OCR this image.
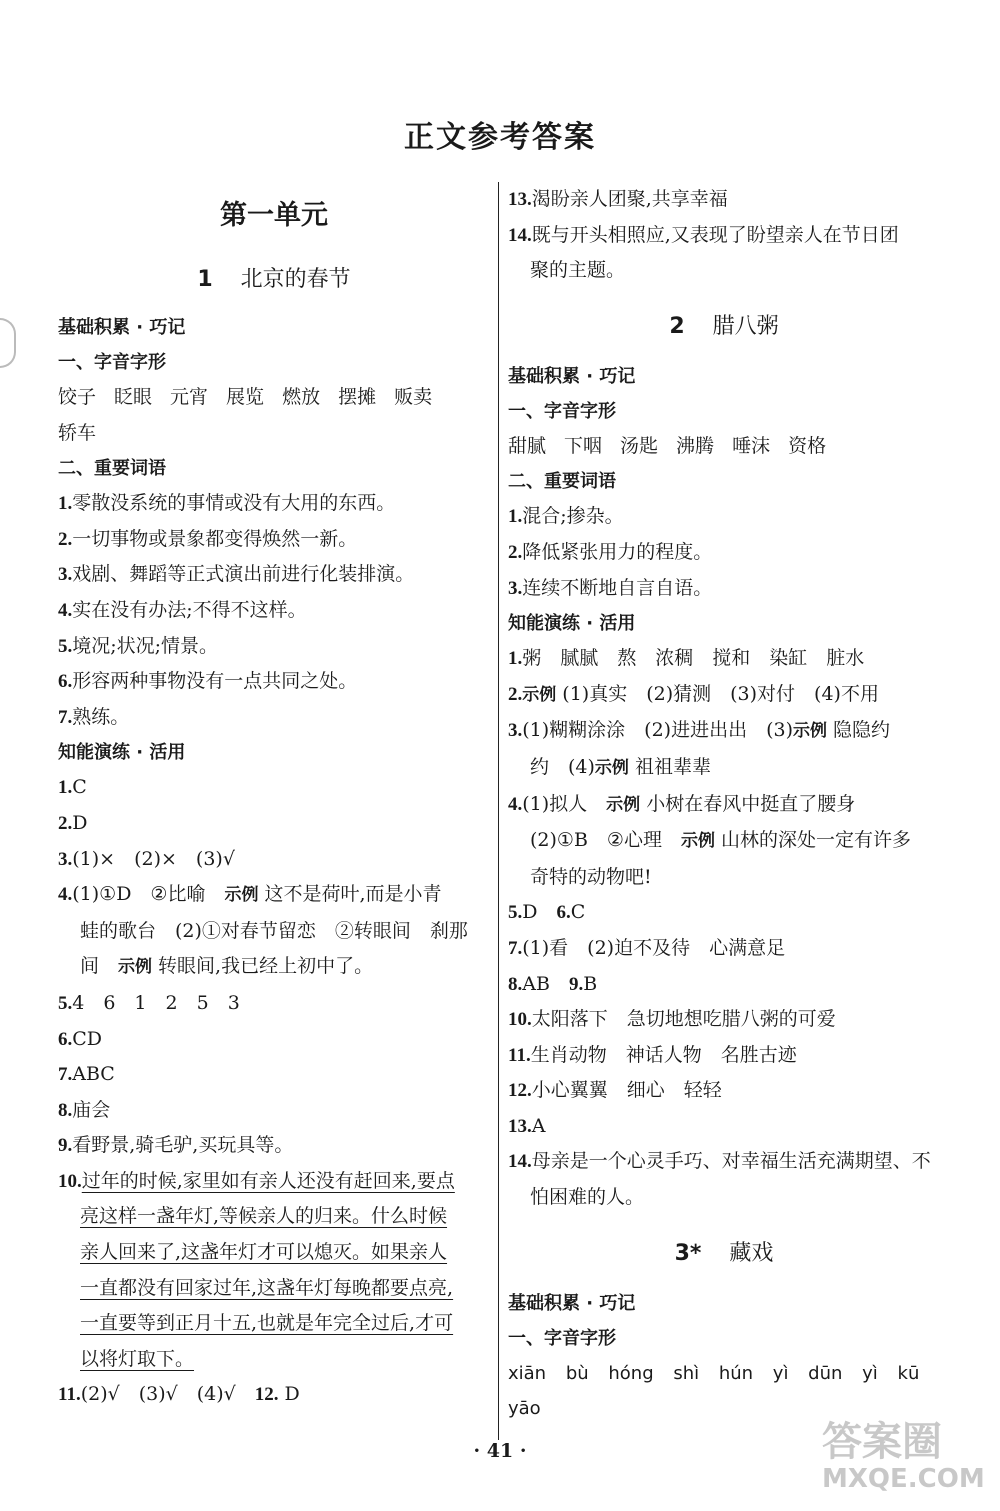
正文参考答案
第一单元
1 北京的春节
基础积累 · 巧记
一、字音字形
饺子 眨眼 元宵 展览 燃放 摆摊 贩卖
轿车
二、重要词语
1.零散没系统的事情或没有大用的东西。
2.一切事物或景象都变得焕然一新。
3.戏剧、舞蹈等正式演出前进行化装排演。
4.实在没有办法;不得不这样。
5.境况;状况;情景。
6.形容两种事物没有一点共同之处。
7.熟练。
知能演练 · 活用
1.C
2.D
3.(1)×　(2)×　(3)√
4.(1)①D　②比喻　示例 这不是荷叶,而是小青
蛙的歌台　(2)①对春节留恋　②转眼间　刹那
间　示例 转眼间,我已经上初中了。
5.4　6　1　2　5　3
6.CD
7.ABC
8.庙会
9.看野景,骑毛驴,买玩具等。
10.过年的时候,家里如有亲人还没有赶回来,要点
亮这样一盏年灯,等候亲人的归来。什么时候
亲人回来了,这盏年灯才可以熄灭。如果亲人
一直都没有回家过年,这盏年灯每晚都要点亮,
一直要等到正月十五,也就是年完全过后,才可
以将灯取下。
11.(2)√　(3)√　(4)√　12. D
13.渴盼亲人团聚,共享幸福
14.既与开头相照应,又表现了盼望亲人在节日团
聚的主题。
2 腊八粥
基础积累 · 巧记
一、字音字形
甜腻 下咽 汤匙 沸腾 唾沫 资格
二、重要词语
1.混合;掺杂。
2.降低紧张用力的程度。
3.连续不断地自言自语。
知能演练 · 活用
1.粥　腻腻　熬　浓稠　搅和　染缸　脏水
2.示例 (1)真实　(2)猜测　(3)对付　(4)不用
3.(1)糊糊涂涂　(2)进进出出　(3)示例 隐隐约
约　(4)示例 祖祖辈辈
4.(1)拟人　示例 小树在春风中挺直了腰身
(2)①B　②心理　示例 山林的深处一定有许多
奇特的动物吧!
5.D　6.C
7.(1)看　(2)迫不及待　心满意足
8.AB　9.B
10.太阳落下　急切地想吃腊八粥的可爱
11.生肖动物　神话人物　名胜古迹
12.小心翼翼　细心　轻轻
13.A
14.母亲是一个心灵手巧、对幸福生活充满期望、不
怕困难的人。
3* 藏戏
基础积累 · 巧记
一、字音字形
xiān bù hóng shì hún yì dūn yì kū yāo
· 41 ·	答案圈
MXQE.COM
